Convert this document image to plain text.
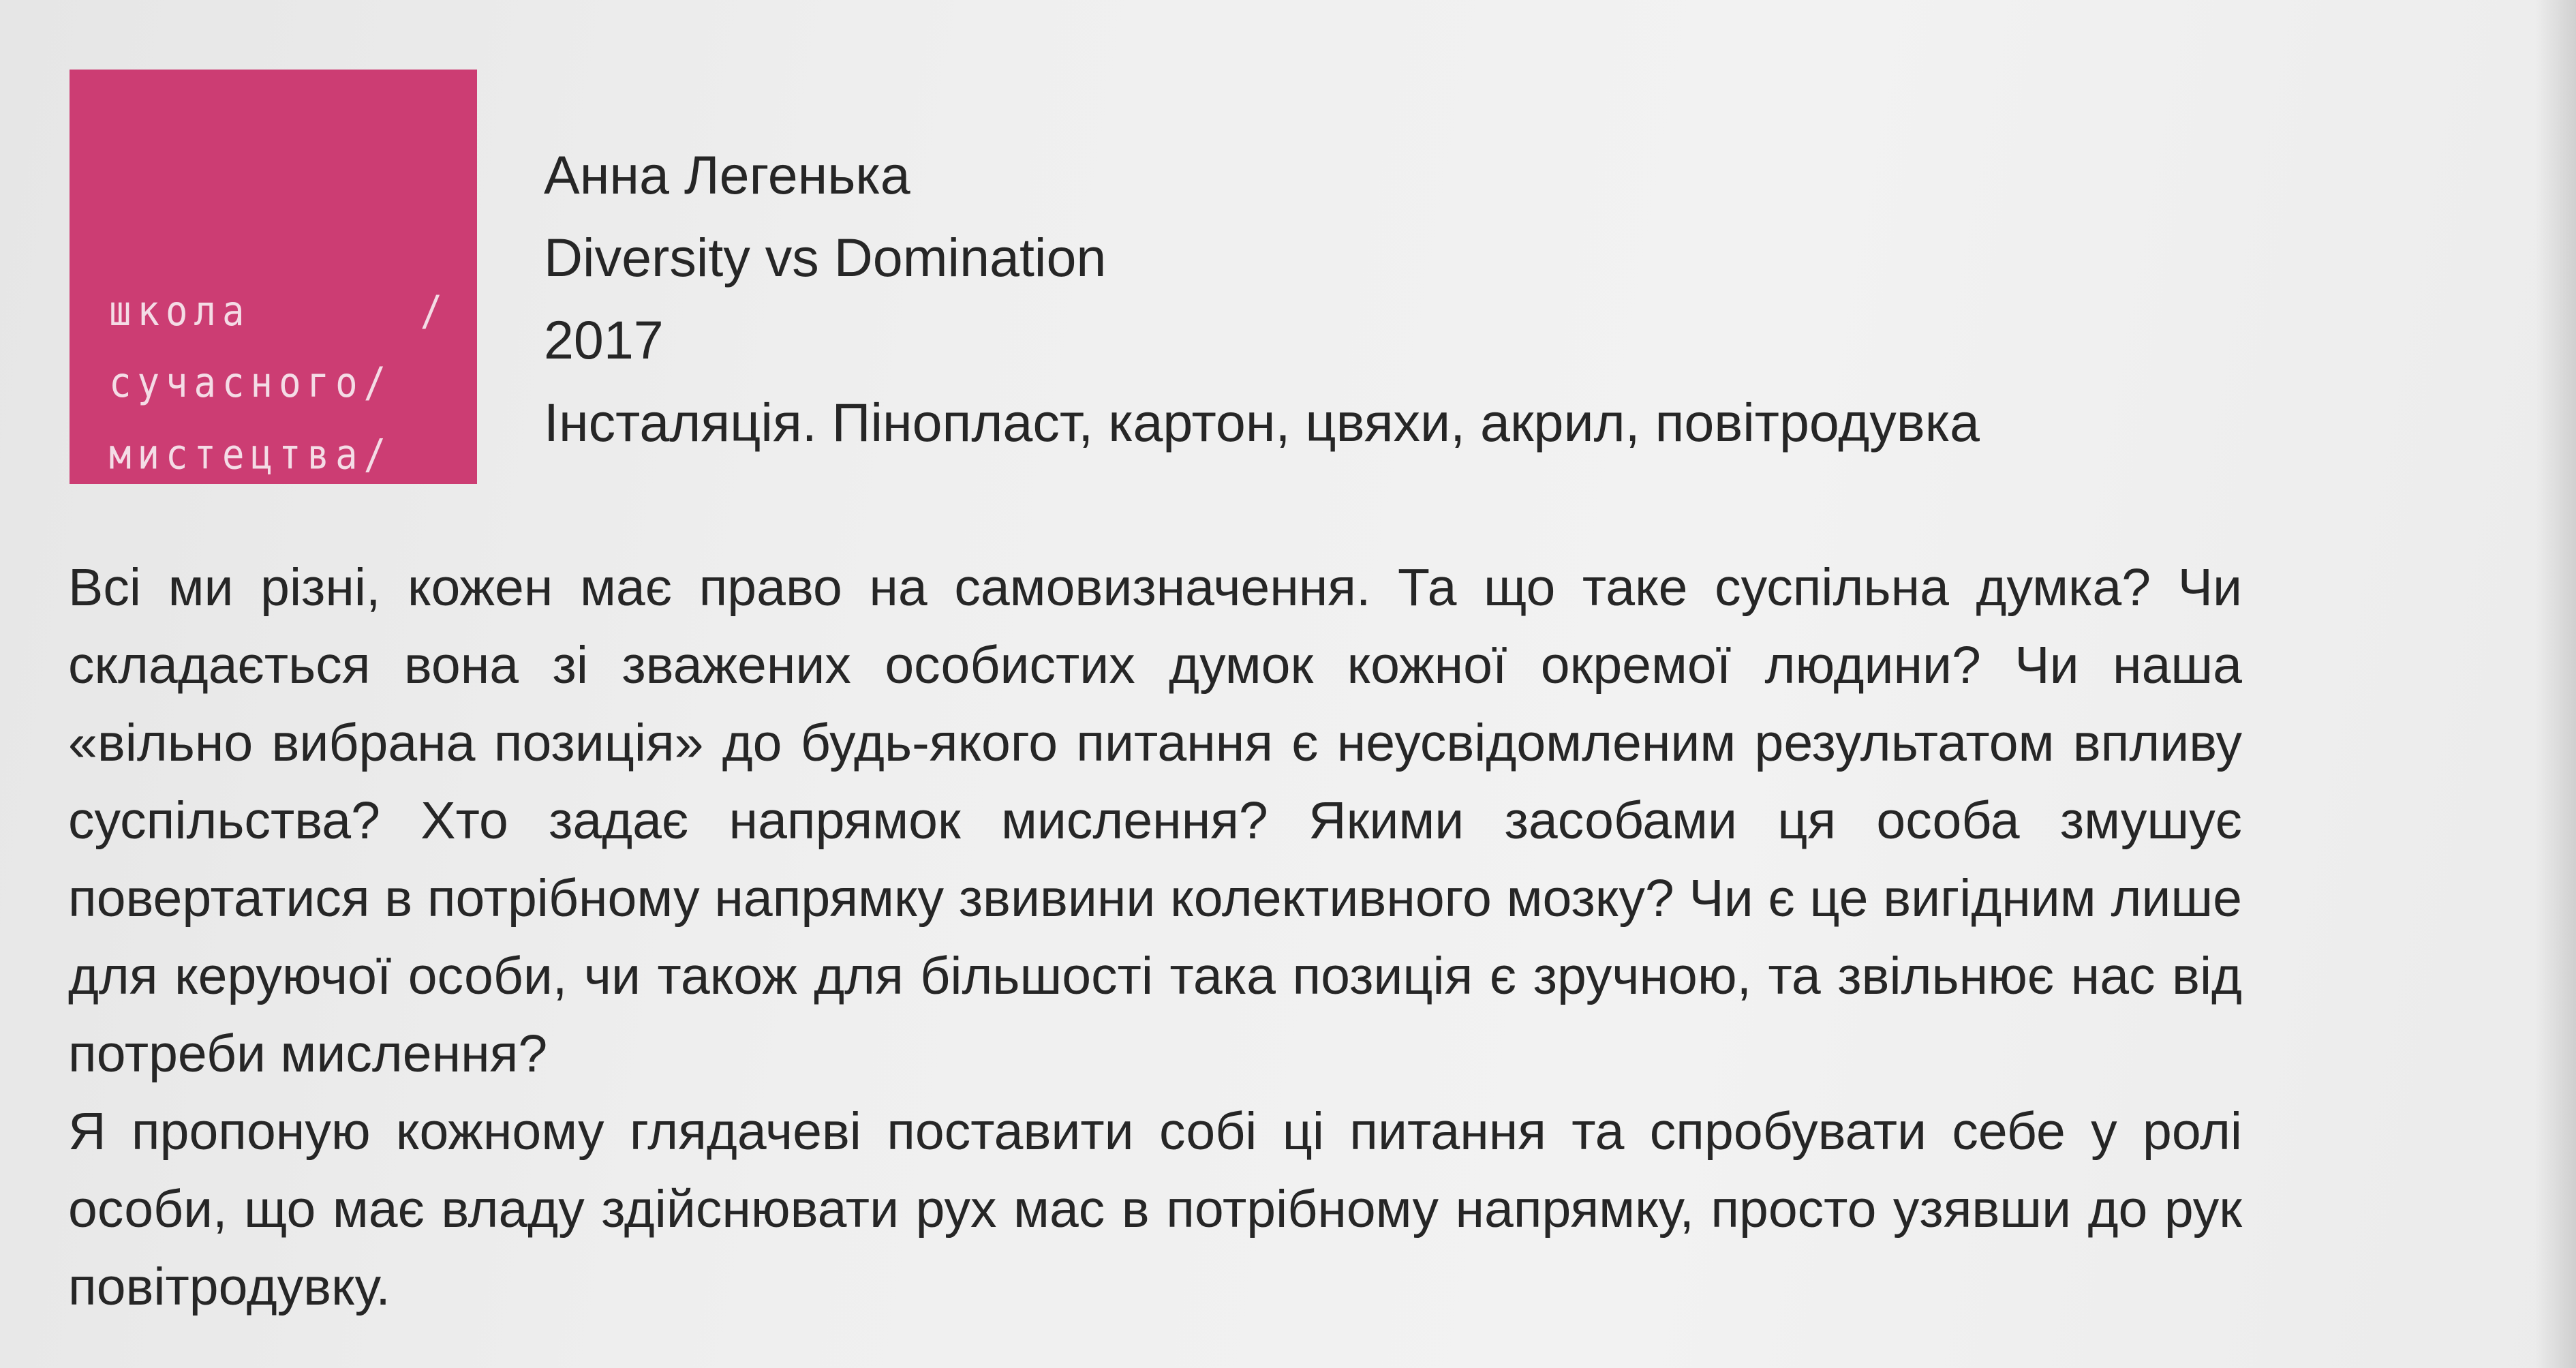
школа      /
сучасного/
мистецтва/
Анна Легенька
Diversity vs Domination
2017
Інсталяція. Пінопласт, картон, цвяхи, акрил, повітродувка

Всі ми різні, кожен має право на самовизначення. Та що таке суспільна думка? Чи складається вона зі зважених особистих думок кожної окремої людини? Чи наша «вільно вибрана позиція» до будь-якого питання є неусвідомленим результатом впливу суспільства? Хто задає напрямок мислення? Якими засобами ця особа змушує повертатися в потрібному напрямку звивини колективного мозку? Чи є це вигідним лише для керуючої особи, чи також для більшості така позиція є зручною, та звільнює нас від потреби мислення?

Я пропоную кожному глядачеві поставити собі ці питання та спробувати себе у ролі особи, що має владу здійснювати рух мас в потрібному напрямку, просто узявши до рук повітродувку.
